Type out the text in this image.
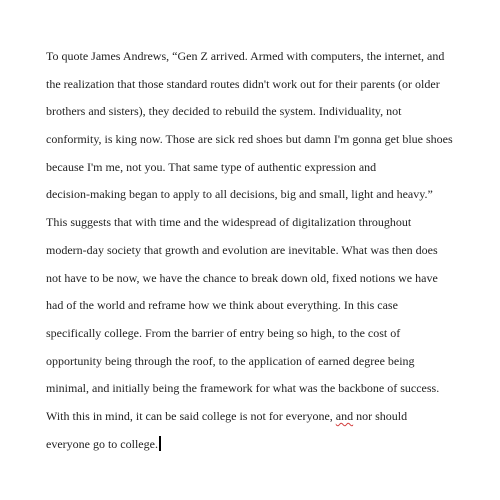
To quote James Andrews, “Gen Z arrived. Armed with computers, the internet, and
the realization that those standard routes didn't work out for their parents (or older
brothers and sisters), they decided to rebuild the system. Individuality, not
conformity, is king now. Those are sick red shoes but damn I'm gonna get blue shoes
because I'm me, not you. That same type of authentic expression and
decision-making began to apply to all decisions, big and small, light and heavy.”
This suggests that with time and the widespread of digitalization throughout
modern-day society that growth and evolution are inevitable. What was then does
not have to be now, we have the chance to break down old, fixed notions we have
had of the world and reframe how we think about everything. In this case
specifically college. From the barrier of entry being so high, to the cost of
opportunity being through the roof, to the application of earned degree being
minimal, and initially being the framework for what was the backbone of success.
With this in mind, it can be said college is not for everyone, and nor should
everyone go to college.
